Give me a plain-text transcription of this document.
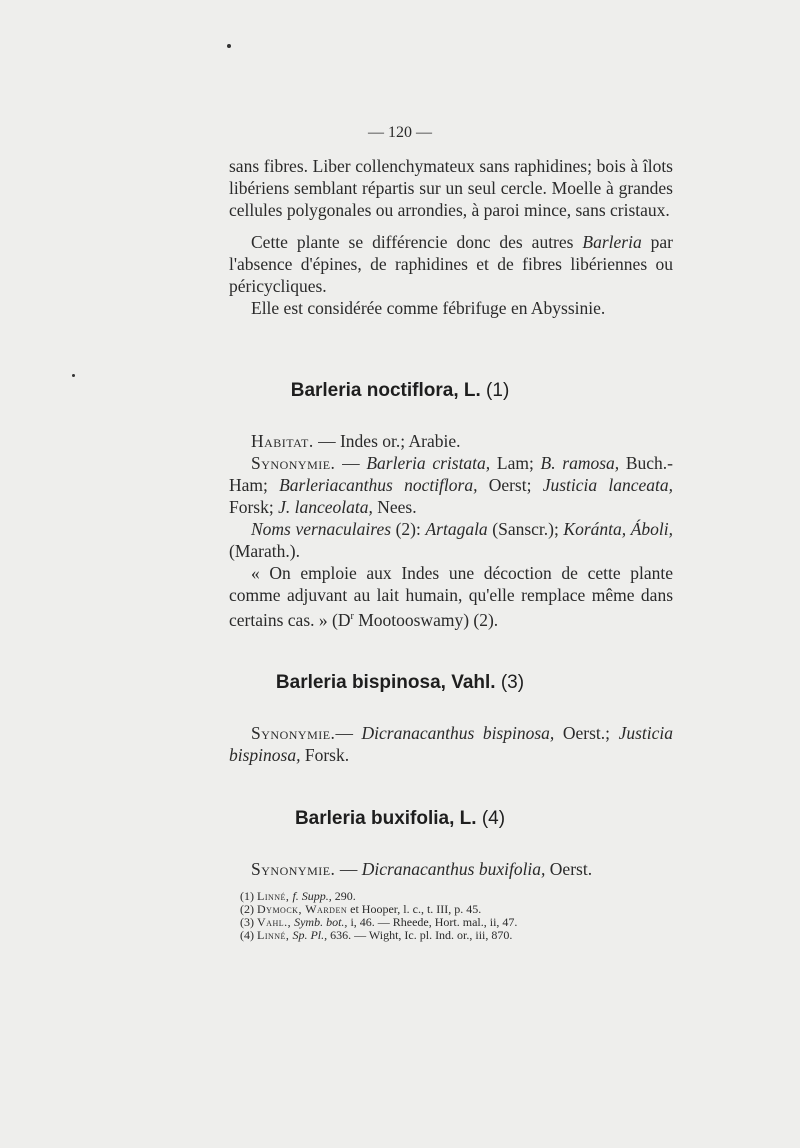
— 120 —

sans fibres. Liber collenchymateux sans raphidines; bois à îlots libériens semblant répartis sur un seul cercle. Moelle à grandes cellules polygonales ou arrondies, à paroi mince, sans cristaux.

Cette plante se différencie donc des autres Barleria par l'absence d'épines, de raphidines et de fibres libériennes ou péricycliques.

Elle est considérée comme fébrifuge en Abyssinie.

Barleria noctiflora, L. (1)

Habitat. — Indes or.; Arabie.

Synonymie. — Barleria cristata, Lam; B. ramosa, Buch.-Ham; Barleriacanthus noctiflora, Oerst; Justicia lanceata, Forsk; J. lanceolata, Nees.

Noms vernaculaires (2): Artagala (Sanscr.); Koránta, Áboli, (Marath.).

« On emploie aux Indes une décoction de cette plante comme adjuvant au lait humain, qu'elle remplace même dans certains cas. » ($D^r$ Mootooswamy) (2).

Barleria bispinosa, Vahl. (3)

Synonymie.— Dicranacanthus bispinosa, Oerst.; Justicia bispinosa, Forsk.

Barleria buxifolia, L. (4)

Synonymie. — Dicranacanthus buxifolia, Oerst.

(1) Linné, f. Supp., 290.

(2) Dymock, Warden et Hooper, l. c., t. III, p. 45.

(3) Vahl., Symb. bot., i, 46. — Rheede, Hort. mal., ii, 47.

(4) Linné, Sp. Pl., 636. — Wight, Ic. pl. Ind. or., iii, 870.
